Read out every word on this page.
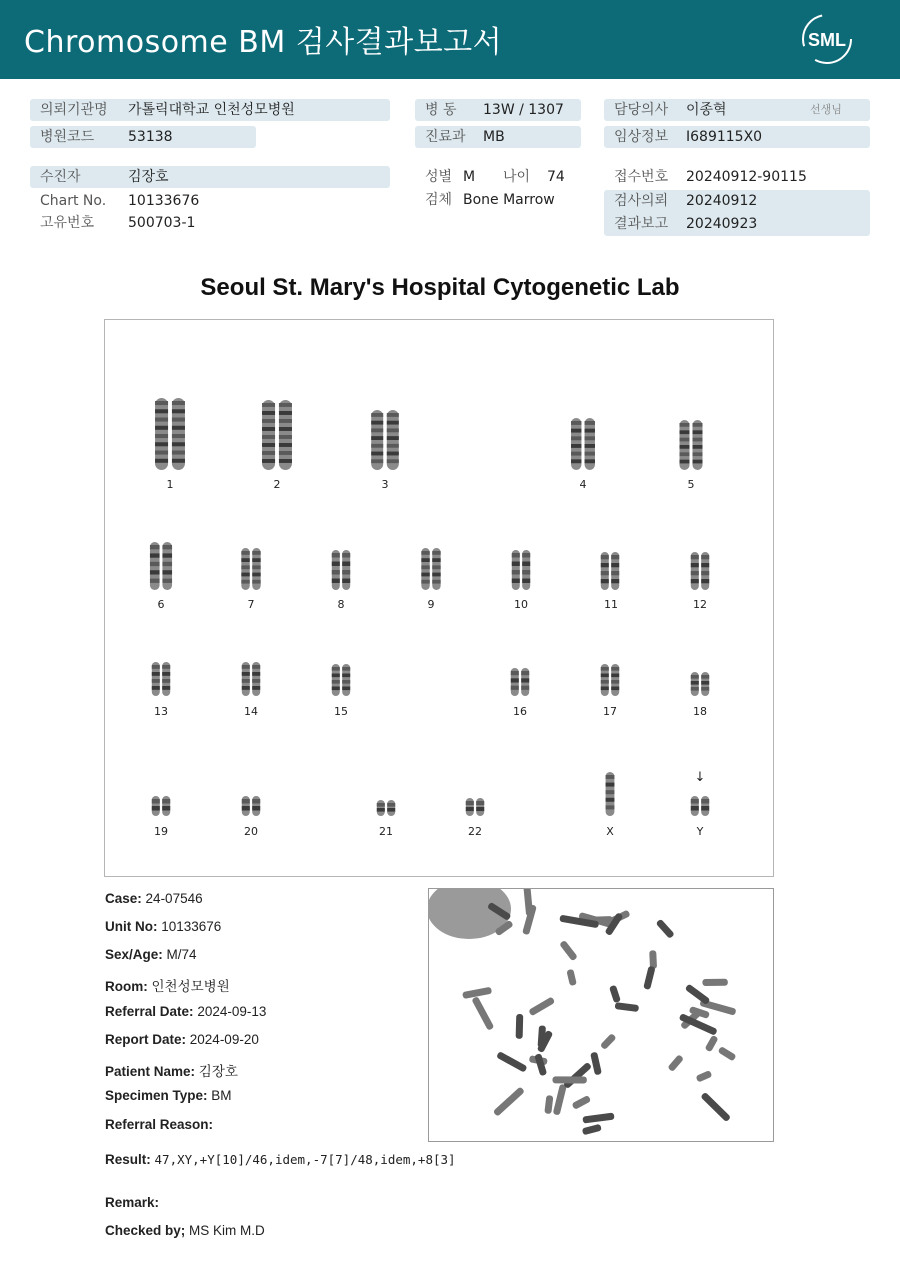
Chromosome BM 검사결과보고서	SML
의뢰기관명 가톨릭대학교 인천성모병원
병원코드 53138
병 동 13W / 1307
진료과 MB
담당의사 이종혁	선생님
임상정보 I689115X0
수진자	김장호
Chart No. 10133676
고유번호 500703-1
성별 M 나이 74
검체 Bone Marrow
접수번호 20240912-90115
검사의뢰 20240912
결과보고 20240923
Seoul St. Mary's Hospital Cytogenetic Lab
1	2	3	4	5
6	7	8	9	10	11	12
13	14	15	16	17	18
19	20	21	22	X	Y
↓
Case: 24-07546
Unit No: 10133676
Sex/Age: M/74
Room: 인천성모병원
Referral Date: 2024-09-13
Report Date: 2024-09-20
Patient Name: 김장호
Specimen Type: BM
Referral Reason:
Result: 47,XY,+Y[10]/46,idem,-7[7]/48,idem,+8[3]
Remark:
Checked by; MS Kim M.D
